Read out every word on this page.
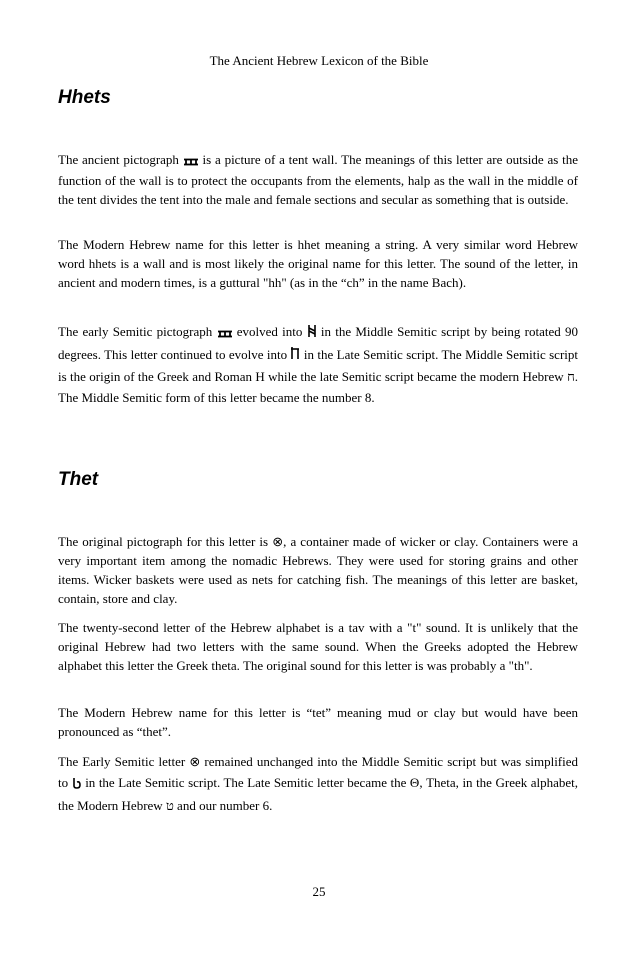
The Ancient Hebrew Lexicon of the Bible
Hhets
The ancient pictograph is a picture of a tent wall. The meanings of this letter are outside as the function of the wall is to protect the occupants from the elements, halp as the wall in the middle of the tent divides the tent into the male and female sections and secular as something that is outside.
The Modern Hebrew name for this letter is hhet meaning a string. A very similar word Hebrew word hhets is a wall and is most likely the original name for this letter. The sound of the letter, in ancient and modern times, is a guttural "hh" (as in the “ch” in the name Bach).
The early Semitic pictograph evolved into in the Middle Semitic script by being rotated 90 degrees. This letter continued to evolve into in the Late Semitic script. The Middle Semitic script is the origin of the Greek and Roman H while the late Semitic script became the modern Hebrew ח. The Middle Semitic form of this letter became the number 8.
Thet
The original pictograph for this letter is ⊗, a container made of wicker or clay. Containers were a very important item among the nomadic Hebrews. They were used for storing grains and other items. Wicker baskets were used as nets for catching fish. The meanings of this letter are basket, contain, store and clay.
The twenty-second letter of the Hebrew alphabet is a tav with a "t" sound. It is unlikely that the original Hebrew had two letters with the same sound. When the Greeks adopted the Hebrew alphabet this letter the Greek theta. The original sound for this letter is was probably a "th".
The Modern Hebrew name for this letter is “tet” meaning mud or clay but would have been pronounced as “thet”.
The Early Semitic letter ⊗ remained unchanged into the Middle Semitic script but was simplified to in the Late Semitic script. The Late Semitic letter became the Θ, Theta, in the Greek alphabet, the Modern Hebrew ט and our number 6.
25
